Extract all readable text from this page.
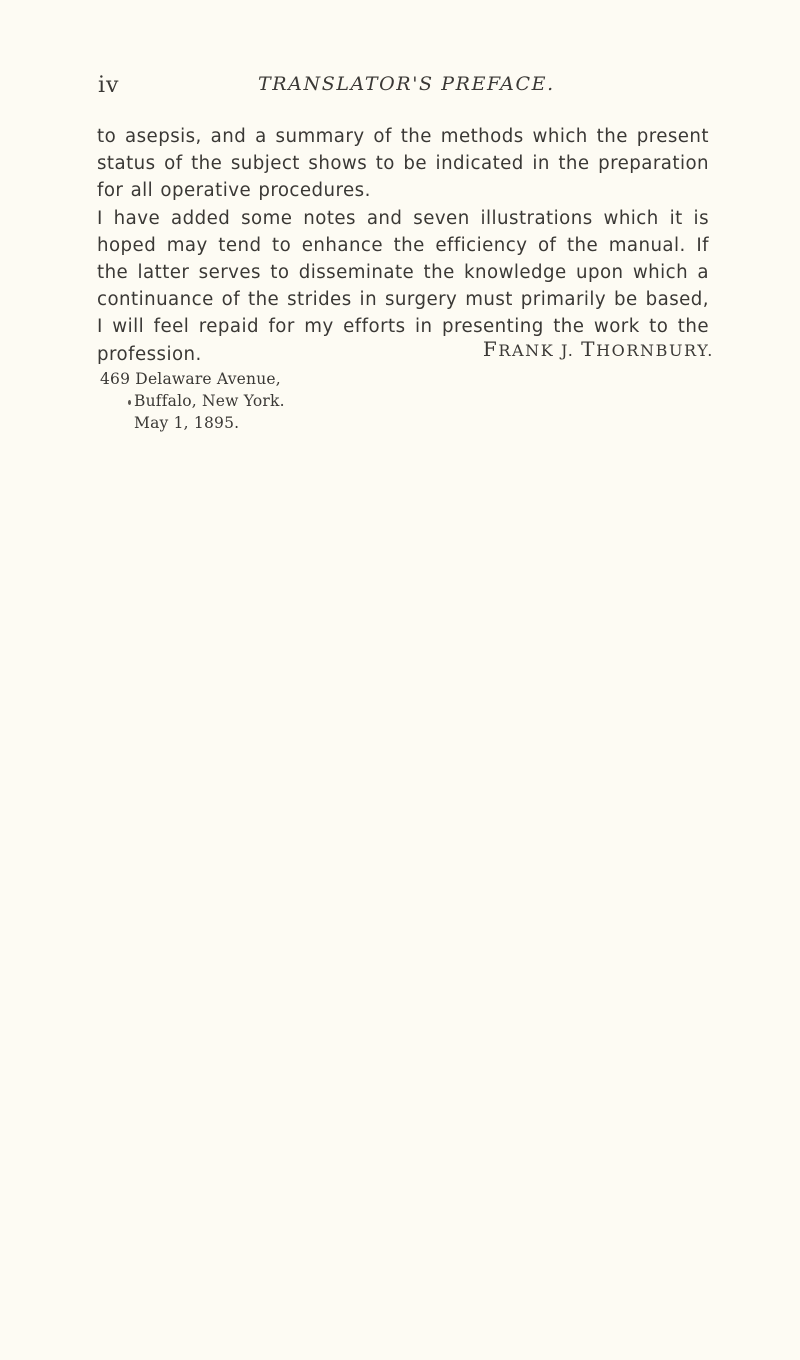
iv	TRANSLATOR'S PREFACE.

to asepsis, and a summary of the methods which the present status of the subject shows to be indicated in the preparation for all operative procedures.

I have added some notes and seven illustrations which it is hoped may tend to enhance the efficiency of the manual. If the latter serves to disseminate the knowledge upon which a continuance of the strides in surgery must primarily be based, I will feel repaid for my efforts in presenting the work to the profession.	FRANK J. THORNBURY.
469 Delaware Avenue,
Buffalo, New York.
May 1, 1895.
